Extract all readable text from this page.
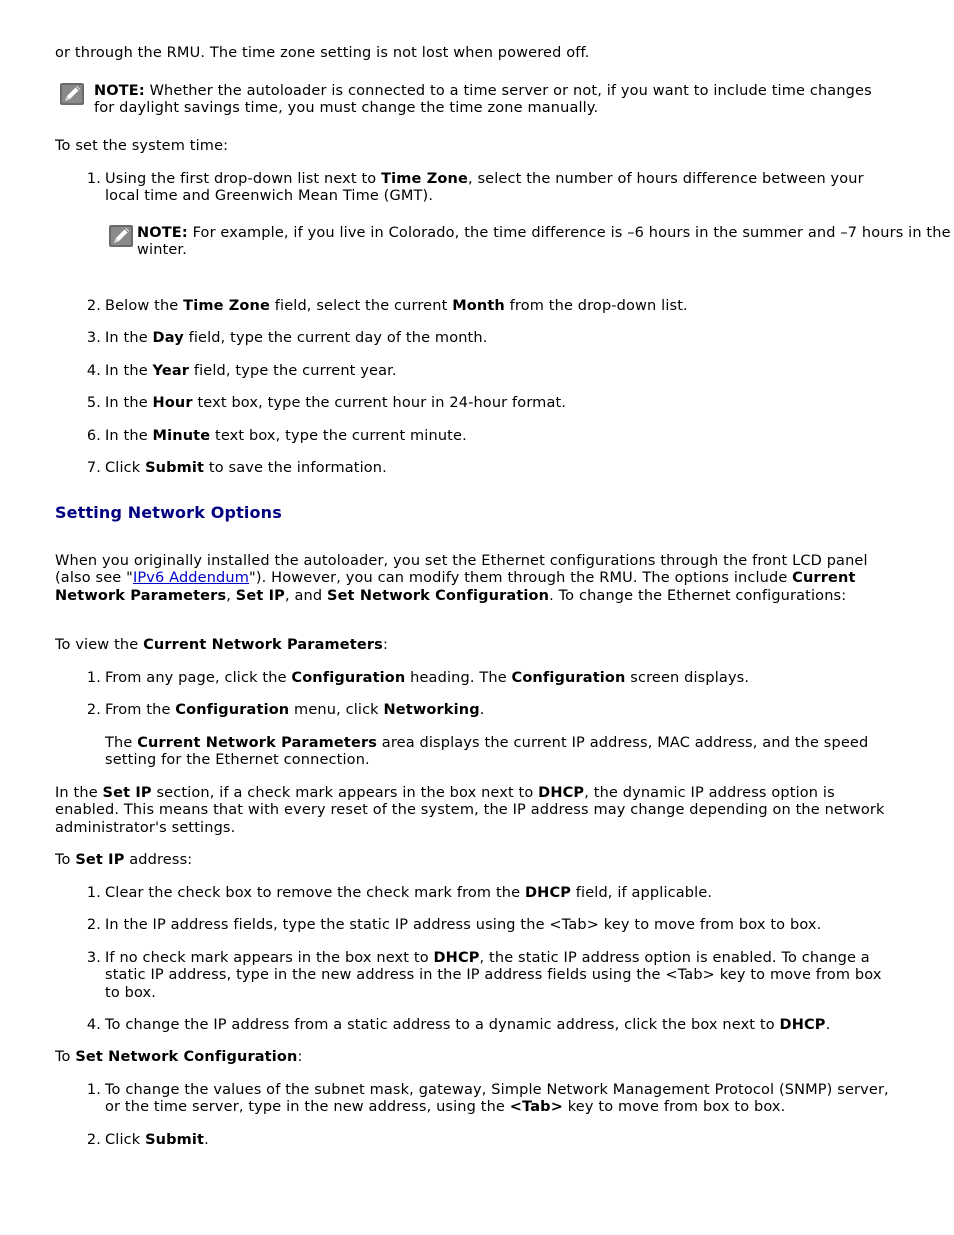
or through the RMU. The time zone setting is not lost when powered off.

NOTE: Whether the autoloader is connected to a time server or not, if you want to include time changes for daylight savings time, you must change the time zone manually.

To set the system time:

1. Using the first drop-down list next to Time Zone, select the number of hours difference between your local time and Greenwich Mean Time (GMT).
NOTE: For example, if you live in Colorado, the time difference is –6 hours in the summer and –7 hours in the winter.
2. Below the Time Zone field, select the current Month from the drop-down list.
3. In the Day field, type the current day of the month.
4. In the Year field, type the current year.
5. In the Hour text box, type the current hour in 24-hour format.
6. In the Minute text box, type the current minute.
7. Click Submit to save the information.
Setting Network Options

When you originally installed the autoloader, you set the Ethernet configurations through the front LCD panel (also see "IPv6 Addendum"). However, you can modify them through the RMU. The options include Current Network Parameters, Set IP, and Set Network Configuration. To change the Ethernet configurations:

To view the Current Network Parameters:

1. From any page, click the Configuration heading. The Configuration screen displays.
2. From the Configuration menu, click Networking.

The Current Network Parameters area displays the current IP address, MAC address, and the speed setting for the Ethernet connection.

In the Set IP section, if a check mark appears in the box next to DHCP, the dynamic IP address option is enabled. This means that with every reset of the system, the IP address may change depending on the network administrator's settings.

To Set IP address:

1. Clear the check box to remove the check mark from the DHCP field, if applicable.
2. In the IP address fields, type the static IP address using the <Tab> key to move from box to box.
3. If no check mark appears in the box next to DHCP, the static IP address option is enabled. To change a static IP address, type in the new address in the IP address fields using the <Tab> key to move from box to box.
4. To change the IP address from a static address to a dynamic address, click the box next to DHCP.

To Set Network Configuration:

1. To change the values of the subnet mask, gateway, Simple Network Management Protocol (SNMP) server, or the time server, type in the new address, using the <Tab> key to move from box to box.
2. Click Submit.
